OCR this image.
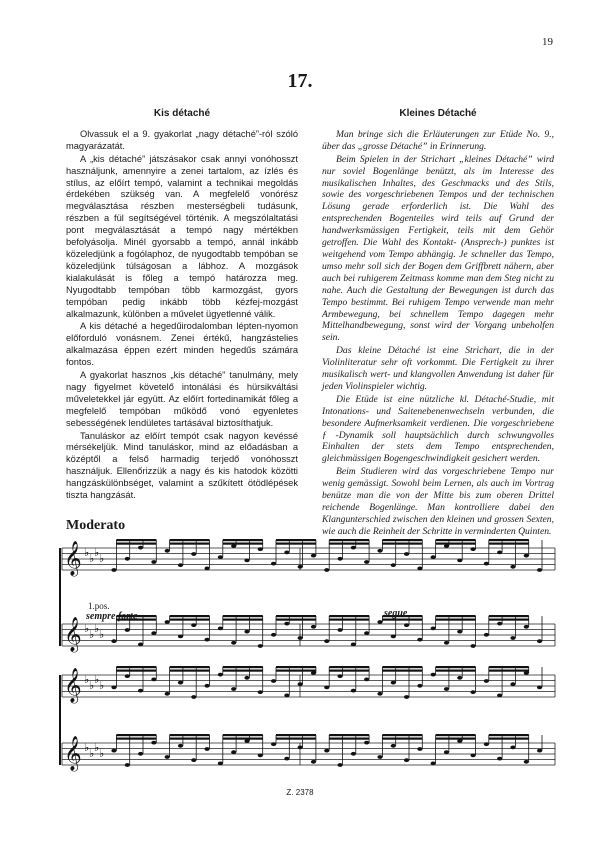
19
17.
Kis détaché

Olvassuk el a 9. gyakorlat „nagy détaché”-ról szóló magyarázatát.

A „kis détaché” játszásakor csak annyi vonóhosszt használjunk, amennyire a zenei tartalom, az ízlés és stílus, az előírt tempó, valamint a technikai megoldás érdekében szükség van. A megfelelő vonórész megválasztása részben mesterségbeli tudásunk, részben a fül segítségével történik. A megszólaltatási pont megválasztását a tempó nagy mértékben befolyásolja. Minél gyorsabb a tempó, annál inkább közeledjünk a fogólaphoz, de nyugodtabb tempóban se közeledjünk túlságosan a lábhoz. A mozgások kialakulását is főleg a tempó határozza meg. Nyugodtabb tempóban több karmozgást, gyors tempóban pedig inkább több kézfej-mozgást alkalmazunk, különben a művelet ügyetlenné válik.

A kis détaché a hegedűirodalomban lépten-nyomon előforduló vonásnem. Zenei értékű, hangzástelies alkalmazása éppen ezért minden hegedűs számára fontos.

A gyakorlat hasznos „kis détaché” tanulmány, mely nagy figyelmet követelő intonálási és hürsikváltási műveletekkel jár együtt. Az előírt fortedinamikát főleg a megfelelő tempóban működő vonó egyenletes sebességének lendületes tartásával biztosíthatjuk.

Tanuláskor az előírt tempót csak nagyon kevéssé mérsékeljük. Mind tanuláskor, mind az előadásban a középtől a felső harmadig terjedő vonóhosszt használjuk. Ellenőrizzük a nagy és kis hatodok közötti hangzáskülönbséget, valamint a szűkített ötödlépések tiszta hangzását.

Kleines Détaché

Man bringe sich die Erläuterungen zur Etüde No. 9., über das „grosse Détaché” in Erinnerung.

Beim Spielen in der Strichart „kleines Détaché” wird nur soviel Bogenlänge benützt, als im Interesse des musikalischen Inhaltes, des Geschmacks und des Stils, sowie des vorgeschriebenen Tempos und der technischen Lösung gerade erforderlich ist. Die Wahl des entsprechenden Bogenteiles wird teils auf Grund der handwerksmässigen Fertigkeit, teils mit dem Gehör getroffen. Die Wahl des Kontakt- (Ansprech-) punktes ist weitgehend vom Tempo abhängig. Je schneller das Tempo, umso mehr soll sich der Bogen dem Griffbrett nähern, aber auch bei ruhigerem Zeitmass komme man dem Steg nicht zu nahe. Auch die Gestaltung der Bewegungen ist durch das Tempo bestimmt. Bei ruhigem Tempo verwende man mehr Armbewegung, bei schnellem Tempo dagegen mehr Mittelhandbewegung, sonst wird der Vorgang unbeholfen sein.

Das kleine Détaché ist eine Strichart, die in der Violinliteratur sehr oft vorkommt. Die Fertigkeit zu ihrer musikalisch wert- und klangvollen Anwendung ist daher für jeden Violinspieler wichtig.

Die Etüde ist eine nützliche kl. Détaché-Studie, mit Intonations- und Saitenebenenwechseln verbunden, die besondere Aufmerksamkeit verdienen. Die vorgeschriebene ƒ -Dynamik soll hauptsächlich durch schwungvolles Einhalten der stets dem Tempo entsprechenden, gleichmässigen Bogengeschwindigkeit gesichert werden.

Beim Studieren wird das vorgeschriebene Tempo nur wenig gemässigt. Sowohl beim Lernen, als auch im Vortrag benütze man die von der Mitte bis zum oberen Drittel reichende Bogenlänge. Man kontrolliere dabei den Klangunterschied zwischen den kleinen und grossen Sexten, wie auch die Reinheit der Schritte in verminderten Quinten.

Moderato
𝄞 ♭ ♭ ♭ ♭
𝄞 ♭ ♭ ♭ ♭
𝄞 ♭ ♭ ♭ ♭
𝄞 ♭ ♭ ♭ ♭
1.pos.
sempre forte	segue
Z. 2378
